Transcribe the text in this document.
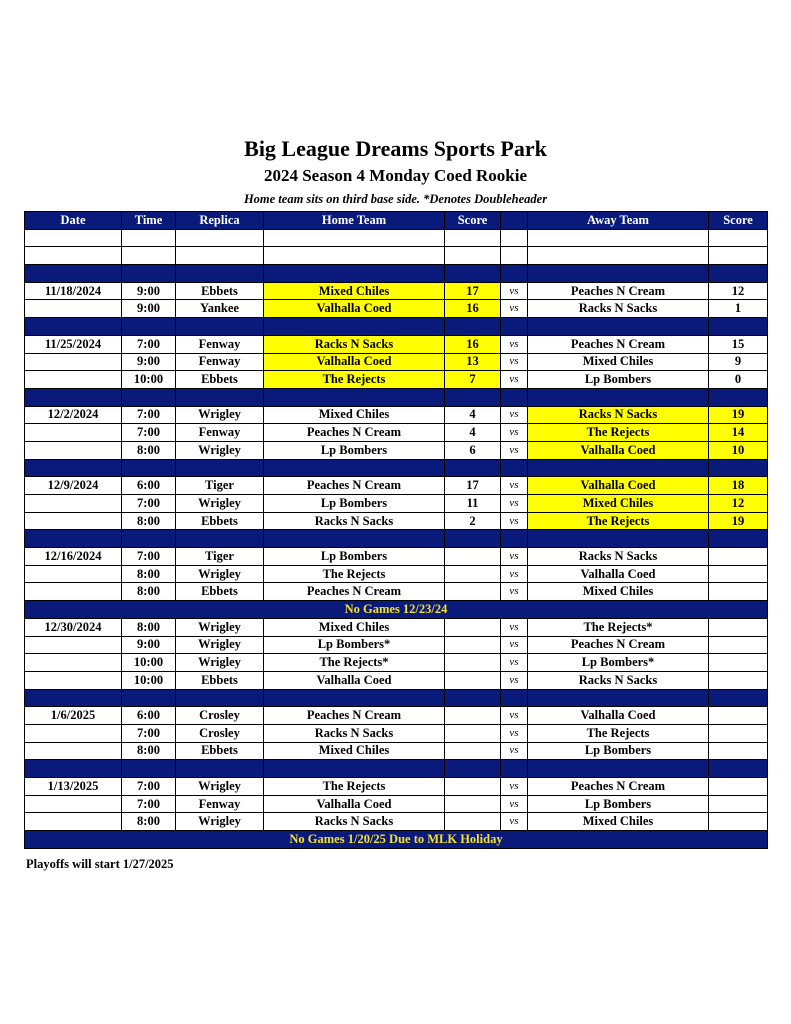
Big League Dreams Sports Park
2024 Season 4 Monday Coed Rookie
Home team sits on third base side. *Denotes Doubleheader
Date	Time	Replica	Home Team	Score		Away Team	Score

11/18/2024	9:00	Ebbets	Mixed Chiles	17	vs	Peaches N Cream	12
	9:00	Yankee	Valhalla Coed	16	vs	Racks N Sacks	1

11/25/2024	7:00	Fenway	Racks N Sacks	16	vs	Peaches N Cream	15
	9:00	Fenway	Valhalla Coed	13	vs	Mixed Chiles	9
	10:00	Ebbets	The Rejects	7	vs	Lp Bombers	0

12/2/2024	7:00	Wrigley	Mixed Chiles	4	vs	Racks N Sacks	19
	7:00	Fenway	Peaches N Cream	4	vs	The Rejects	14
	8:00	Wrigley	Lp Bombers	6	vs	Valhalla Coed	10

12/9/2024	6:00	Tiger	Peaches N Cream	17	vs	Valhalla Coed	18
	7:00	Wrigley	Lp Bombers	11	vs	Mixed Chiles	12
	8:00	Ebbets	Racks N Sacks	2	vs	The Rejects	19

12/16/2024	7:00	Tiger	Lp Bombers		vs	Racks N Sacks	
	8:00	Wrigley	The Rejects		vs	Valhalla Coed	
	8:00	Ebbets	Peaches N Cream		vs	Mixed Chiles	
No Games 12/23/24							
12/30/2024	8:00	Wrigley	Mixed Chiles		vs	The Rejects*	
	9:00	Wrigley	Lp Bombers*		vs	Peaches N Cream	
	10:00	Wrigley	The Rejects*		vs	Lp Bombers*	
	10:00	Ebbets	Valhalla Coed		vs	Racks N Sacks	

1/6/2025	6:00	Crosley	Peaches N Cream		vs	Valhalla Coed	
	7:00	Crosley	Racks N Sacks		vs	The Rejects	
	8:00	Ebbets	Mixed Chiles		vs	Lp Bombers	

1/13/2025	7:00	Wrigley	The Rejects		vs	Peaches N Cream	
	7:00	Fenway	Valhalla Coed		vs	Lp Bombers	
	8:00	Wrigley	Racks N Sacks		vs	Mixed Chiles	
No Games 1/20/25 Due to MLK Holiday							
Playoffs will start 1/27/2025
